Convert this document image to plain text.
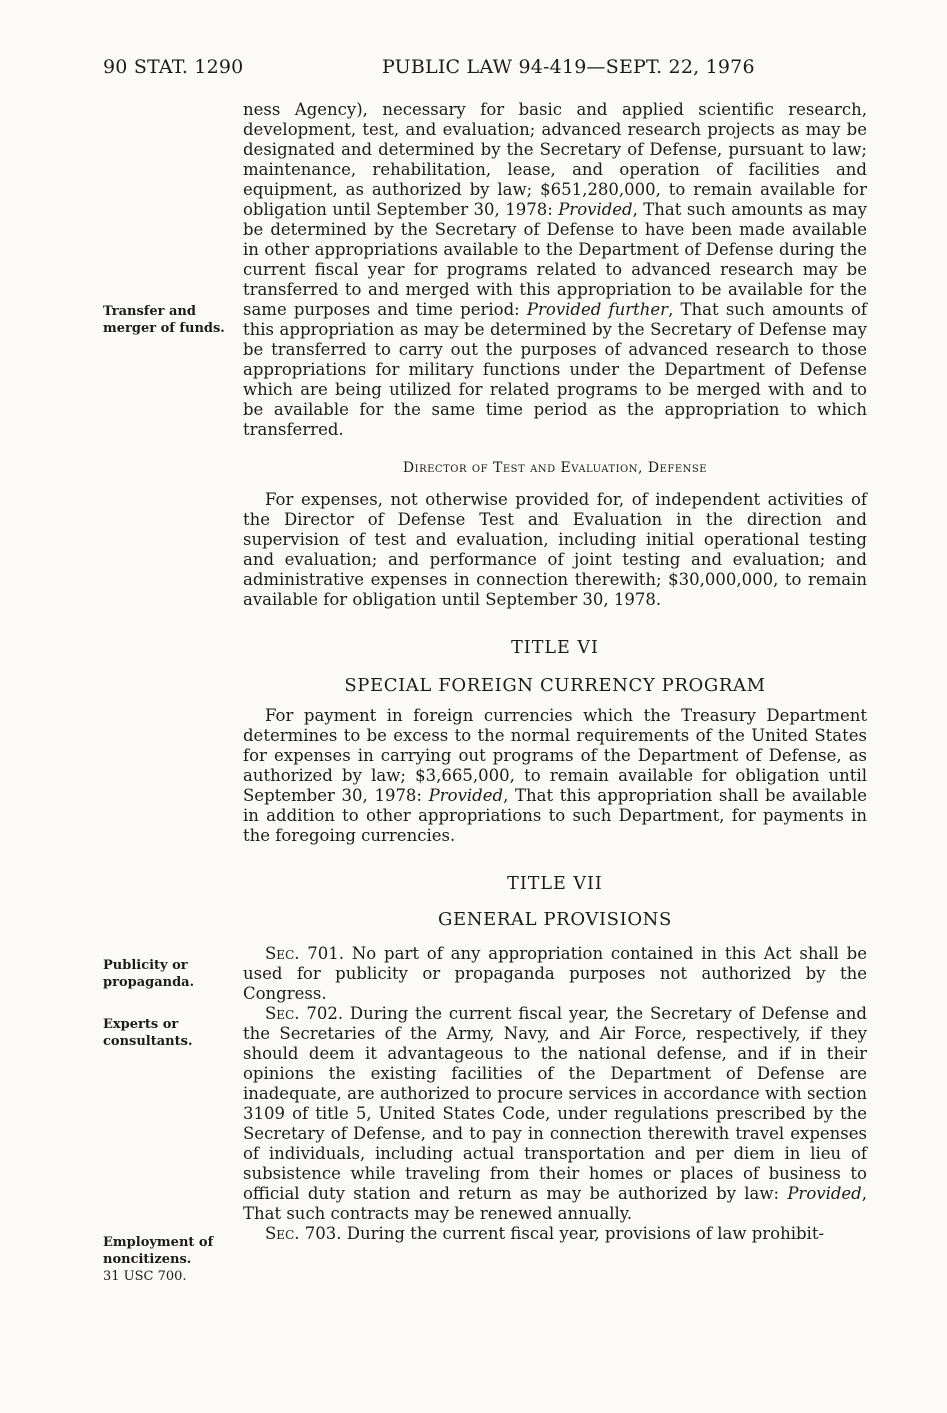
90 STAT. 1290	PUBLIC LAW 94-419—SEPT. 22, 1976
Transfer and
merger of funds.
Publicity or
propaganda.
Experts or
consultants.
Employment of
noncitizens.
31 USC 700.

ness Agency), necessary for basic and applied scientific research, development, test, and evaluation; advanced research projects as may be designated and determined by the Secretary of Defense, pursuant to law; maintenance, rehabilitation, lease, and operation of facilities and equipment, as authorized by law; $651,280,000, to remain available for obligation until September 30, 1978: Provided, That such amounts as may be determined by the Secretary of Defense to have been made available in other appropriations available to the Department of Defense during the current fiscal year for programs related to advanced research may be transferred to and merged with this appropriation to be available for the same purposes and time period: Provided further, That such amounts of this appropriation as may be determined by the Secretary of Defense may be transferred to carry out the purposes of advanced research to those appropriations for military functions under the Department of Defense which are being utilized for related programs to be merged with and to be available for the same time period as the appropriation to which transferred.

Director of Test and Evaluation, Defense

For expenses, not otherwise provided for, of independent activities of the Director of Defense Test and Evaluation in the direction and supervision of test and evaluation, including initial operational testing and evaluation; and performance of joint testing and evaluation; and administrative expenses in connection therewith; $30,000,000, to remain available for obligation until September 30, 1978.

TITLE VI

SPECIAL FOREIGN CURRENCY PROGRAM

For payment in foreign currencies which the Treasury Department determines to be excess to the normal requirements of the United States for expenses in carrying out programs of the Department of Defense, as authorized by law; $3,665,000, to remain available for obligation until September 30, 1978: Provided, That this appropriation shall be available in addition to other appropriations to such Department, for payments in the foregoing currencies.

TITLE VII

GENERAL PROVISIONS

Sec. 701. No part of any appropriation contained in this Act shall be used for publicity or propaganda purposes not authorized by the Congress.

Sec. 702. During the current fiscal year, the Secretary of Defense and the Secretaries of the Army, Navy, and Air Force, respectively, if they should deem it advantageous to the national defense, and if in their opinions the existing facilities of the Department of Defense are inadequate, are authorized to procure services in accordance with section 3109 of title 5, United States Code, under regulations prescribed by the Secretary of Defense, and to pay in connection therewith travel expenses of individuals, including actual transportation and per diem in lieu of subsistence while traveling from their homes or places of business to official duty station and return as may be authorized by law: Provided, That such contracts may be renewed annually.

Sec. 703. During the current fiscal year, provisions of law prohibit-
